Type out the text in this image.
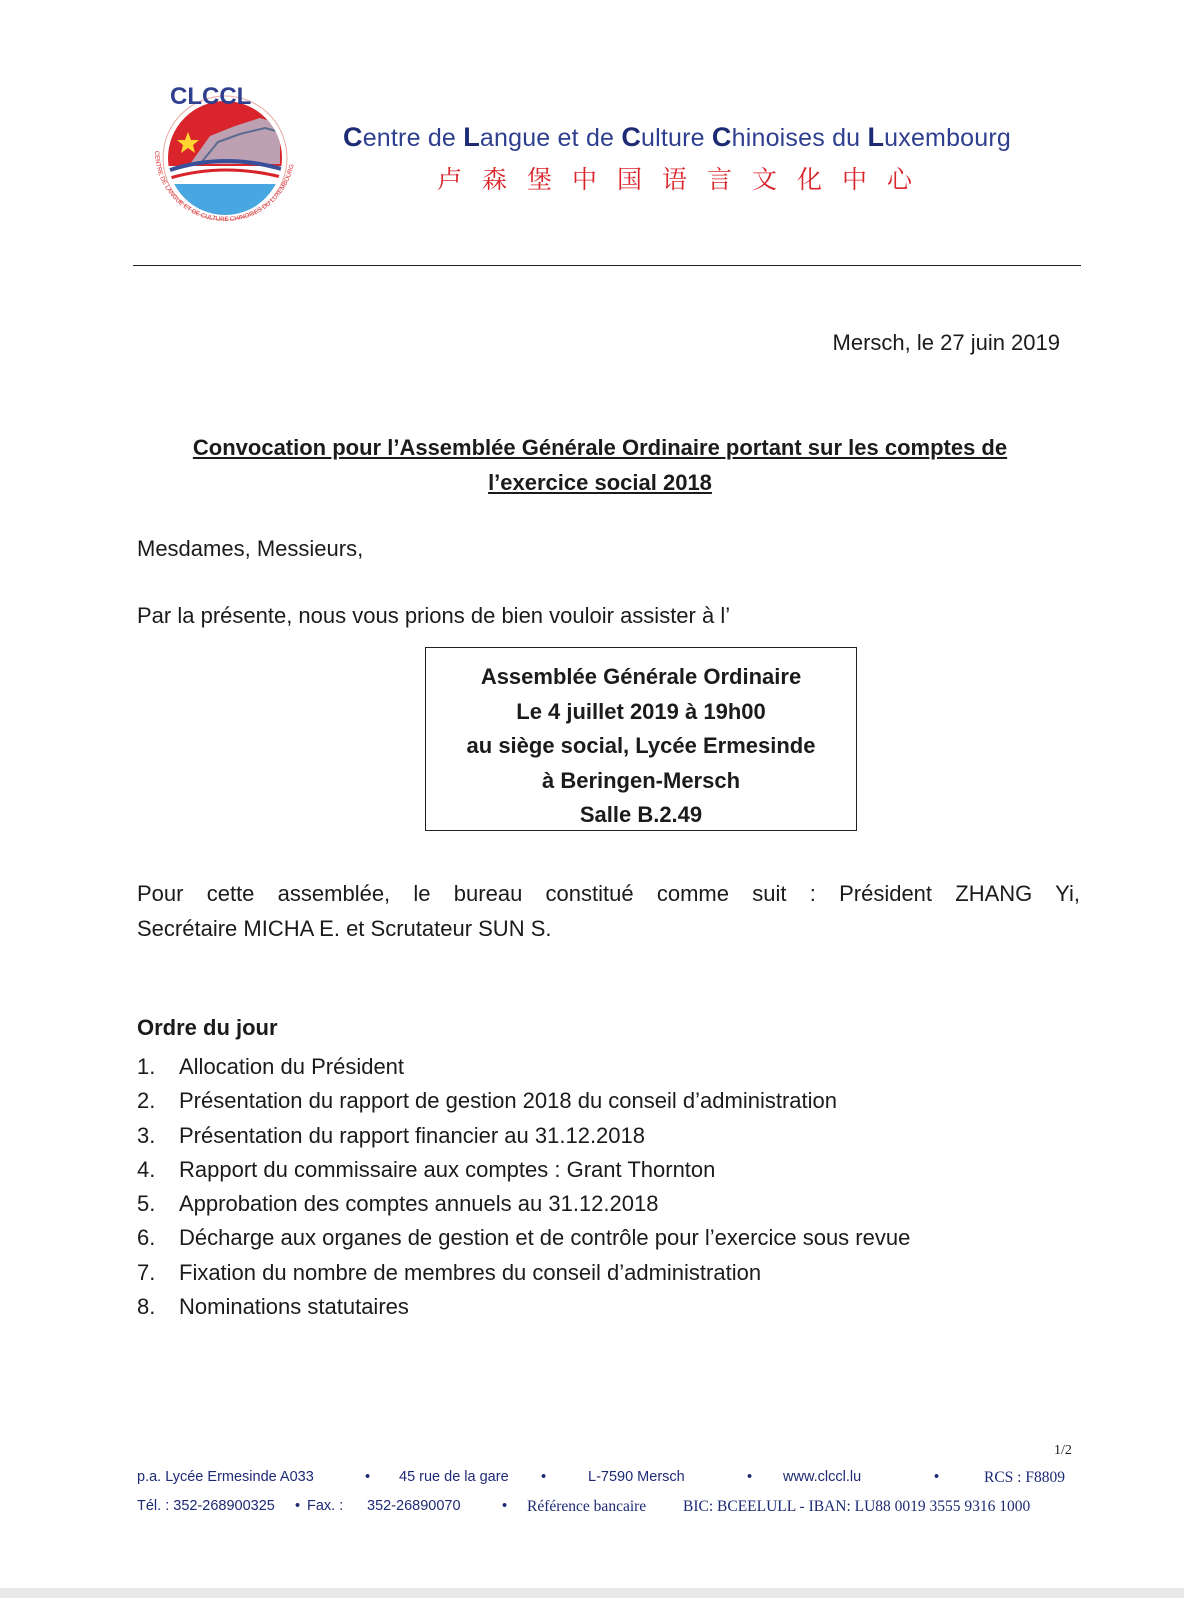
CLCCL
CENTRE DE LANGUE ET DE CULTURE CHINOISES DU LUXEMBOURG
Centre de Langue et de Culture Chinoises du Luxembourg
卢森堡中国语言文化中心
Mersch, le 27 juin 2019
Convocation pour l’Assemblée Générale Ordinaire portant sur les comptes de
l’exercice social 2018
Mesdames, Messieurs,
Par la présente, nous vous prions de bien vouloir assister à l’
Assemblée Générale Ordinaire
Le 4 juillet 2019 à 19h00
au siège social, Lycée Ermesinde
à Beringen-Mersch
Salle B.2.49
Pour cette assemblée, le bureau constitué comme suit : Président ZHANG Yi,
Secrétaire MICHA E. et Scrutateur SUN S.
Ordre du jour
1. Allocation du Président
2. Présentation du rapport de gestion 2018 du conseil d’administration
3. Présentation du rapport financier au 31.12.2018
4. Rapport du commissaire aux comptes : Grant Thornton
5. Approbation des comptes annuels au 31.12.2018
6. Décharge aux organes de gestion et de contrôle pour l’exercice sous revue
7. Fixation du nombre de membres du conseil d’administration
8. Nominations statutaires
1/2
p.a. Lycée Ermesinde A033	• 45 rue de la gare •	L-7590 Mersch	• www.clccl.lu	•	RCS : F8809
Tél. : 352-268900325 • Fax. : 352-26890070	• Référence bancaire BIC: BCEELULL - IBAN: LU88 0019 3555 9316 1000
